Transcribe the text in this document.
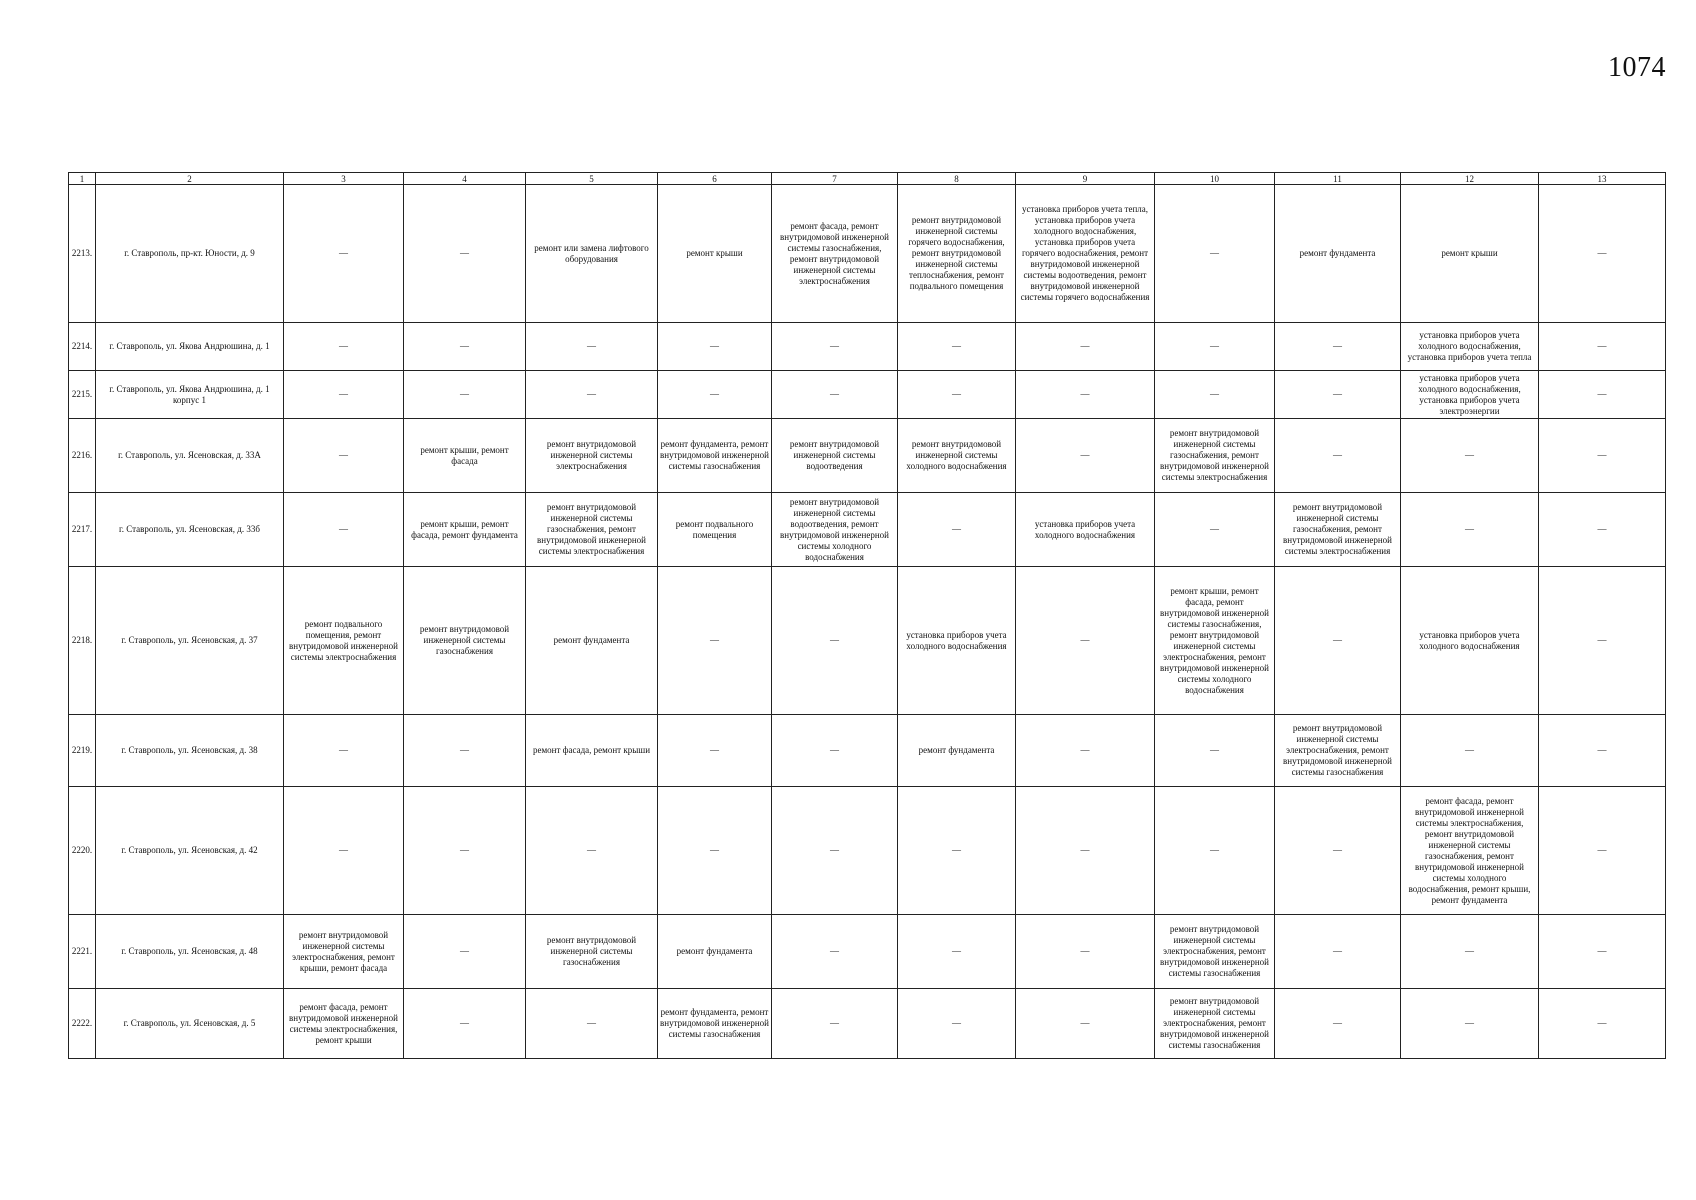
1074
1	2	3	4	5	6	7	8	9	10	11	12	13
2213.	г. Ставрополь, пр-кт. Юности, д. 9	—	—	ремонт или замена лифтового оборудования	ремонт крыши	ремонт фасада, ремонт внутридомовой инженерной системы газоснабжения, ремонт внутридомовой инженерной системы электроснабжения	ремонт внутридомовой инженерной системы горячего водоснабжения, ремонт внутридомовой инженерной системы теплоснабжения, ремонт подвального помещения	установка приборов учета тепла, установка приборов учета холодного водоснабжения, установка приборов учета горячего водоснабжения, ремонт внутридомовой инженерной системы водоотведения, ремонт внутридомовой инженерной системы горячего водоснабжения	—	ремонт фундамента	ремонт крыши	—
2214.	г. Ставрополь, ул. Якова Андрюшина, д. 1	—	—	—	—	—	—	—	—	—	установка приборов учета холодного водоснабжения, установка приборов учета тепла	—
2215.	г. Ставрополь, ул. Якова Андрюшина, д. 1 корпус 1	—	—	—	—	—	—	—	—	—	установка приборов учета холодного водоснабжения, установка приборов учета электроэнергии	—
2216.	г. Ставрополь, ул. Ясеновская, д. 33А	—	ремонт крыши, ремонт фасада	ремонт внутридомовой инженерной системы электроснабжения	ремонт фундамента, ремонт внутридомовой инженерной системы газоснабжения	ремонт внутридомовой инженерной системы водоотведения	ремонт внутридомовой инженерной системы холодного водоснабжения	—	ремонт внутридомовой инженерной системы газоснабжения, ремонт внутридомовой инженерной системы электроснабжения	—	—	—
2217.	г. Ставрополь, ул. Ясеновская, д. 33б	—	ремонт крыши, ремонт фасада, ремонт фундамента	ремонт внутридомовой инженерной системы газоснабжения, ремонт внутридомовой инженерной системы электроснабжения	ремонт подвального помещения	ремонт внутридомовой инженерной системы водоотведения, ремонт внутридомовой инженерной системы холодного водоснабжения	—	установка приборов учета холодного водоснабжения	—	ремонт внутридомовой инженерной системы газоснабжения, ремонт внутридомовой инженерной системы электроснабжения	—	—
2218.	г. Ставрополь, ул. Ясеновская, д. 37	ремонт подвального помещения, ремонт внутридомовой инженерной системы электроснабжения	ремонт внутридомовой инженерной системы газоснабжения	ремонт фундамента	—	—	установка приборов учета холодного водоснабжения	—	ремонт крыши, ремонт фасада, ремонт внутридомовой инженерной системы газоснабжения, ремонт внутридомовой инженерной системы электроснабжения, ремонт внутридомовой инженерной системы холодного водоснабжения	—	установка приборов учета холодного водоснабжения	—
2219.	г. Ставрополь, ул. Ясеновская, д. 38	—	—	ремонт фасада, ремонт крыши	—	—	ремонт фундамента	—	—	ремонт внутридомовой инженерной системы электроснабжения, ремонт внутридомовой инженерной системы газоснабжения	—	—
2220.	г. Ставрополь, ул. Ясеновская, д. 42	—	—	—	—	—	—	—	—	—	ремонт фасада, ремонт внутридомовой инженерной системы электроснабжения, ремонт внутридомовой инженерной системы газоснабжения, ремонт внутридомовой инженерной системы холодного водоснабжения, ремонт крыши, ремонт фундамента	—
2221.	г. Ставрополь, ул. Ясеновская, д. 48	ремонт внутридомовой инженерной системы электроснабжения, ремонт крыши, ремонт фасада	—	ремонт внутридомовой инженерной системы газоснабжения	ремонт фундамента	—	—	—	ремонт внутридомовой инженерной системы электроснабжения, ремонт внутридомовой инженерной системы газоснабжения	—	—	—
2222.	г. Ставрополь, ул. Ясеновская, д. 5	ремонт фасада, ремонт внутридомовой инженерной системы электроснабжения, ремонт крыши	—	—	ремонт фундамента, ремонт внутридомовой инженерной системы газоснабжения	—	—	—	ремонт внутридомовой инженерной системы электроснабжения, ремонт внутридомовой инженерной системы газоснабжения	—	—	—
